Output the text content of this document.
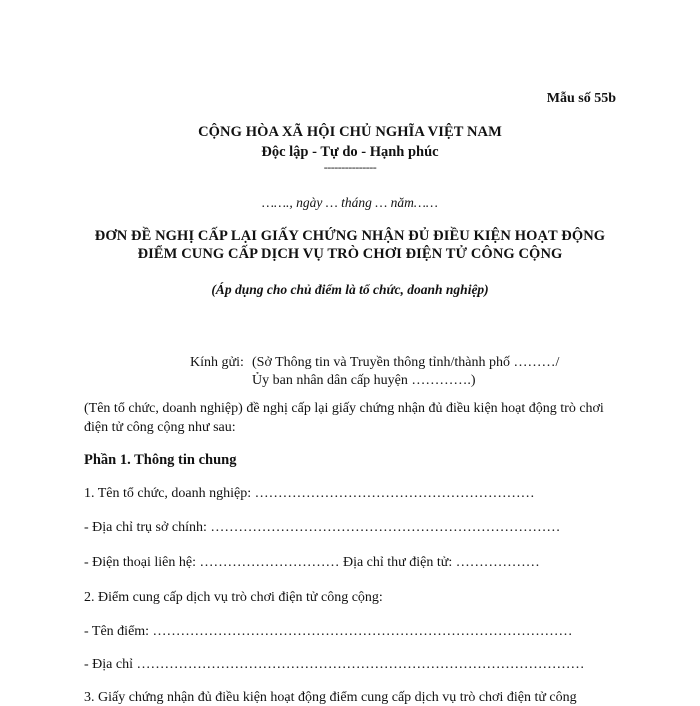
Mẫu số 55b
CỘNG HÒA XÃ HỘI CHỦ NGHĨA VIỆT NAM
Độc lập - Tự do - Hạnh phúc
---------------
……., ngày … tháng … năm……
ĐƠN ĐỀ NGHỊ CẤP LẠI GIẤY CHỨNG NHẬN ĐỦ ĐIỀU KIỆN HOẠT ĐỘNG
ĐIỂM CUNG CẤP DỊCH VỤ TRÒ CHƠI ĐIỆN TỬ CÔNG CỘNG
(Áp dụng cho chủ điểm là tổ chức, doanh nghiệp)
Kính gửi: (Sở Thông tin và Truyền thông tỉnh/thành phố ………/
Ủy ban nhân dân cấp huyện ………….)
(Tên tổ chức, doanh nghiệp) đề nghị cấp lại giấy chứng nhận đủ điều kiện hoạt động trò chơi điện tử công cộng như sau:
Phần 1. Thông tin chung
1. Tên tổ chức, doanh nghiệp: ……………………………………………………
- Địa chỉ trụ sở chính: …………………………………………………………………
- Điện thoại liên hệ: ………………………… Địa chỉ thư điện tử: ………………
2. Điểm cung cấp dịch vụ trò chơi điện tử công cộng:
- Tên điểm: ………………………………………………………………………………
- Địa chỉ ……………………………………………………………………………………
3. Giấy chứng nhận đủ điều kiện hoạt động điểm cung cấp dịch vụ trò chơi điện tử công
